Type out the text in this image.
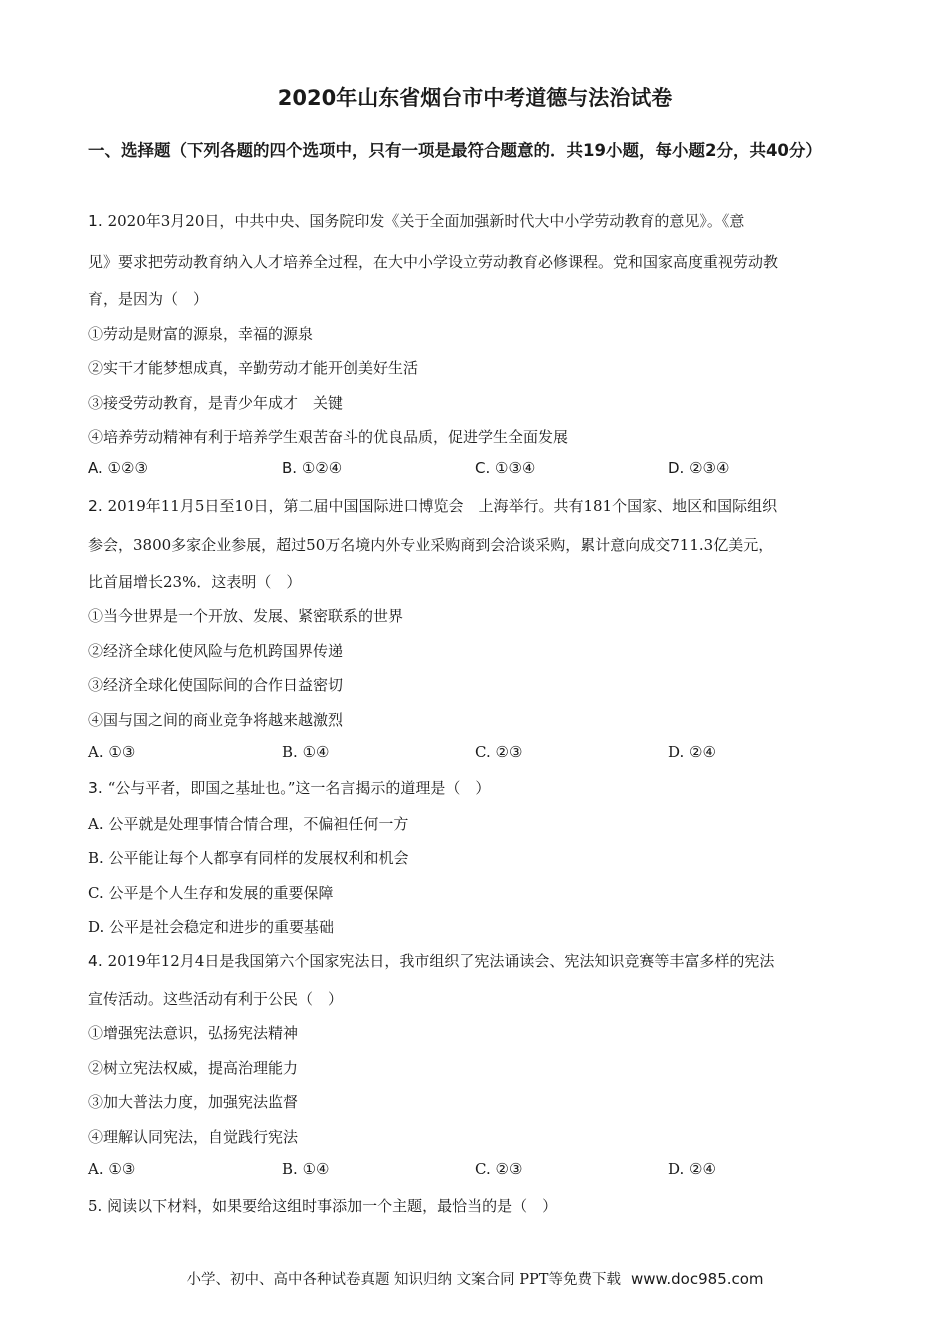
2020年山东省烟台市中考道德与法治试卷
一、选择题（下列各题的四个选项中，只有一项是最符合题意的．共19小题，每小题2分，共40分）
1. 2020年3月20日，中共中央、国务院印发《关于全面加强新时代大中小学劳动教育的意见》。《意
见》要求把劳动教育纳入人才培养全过程，在大中小学设立劳动教育必修课程。党和国家高度重视劳动教
育，是因为（　）
①劳动是财富的源泉，幸福的源泉
②实干才能梦想成真，辛勤劳动才能开创美好生活
③接受劳动教育，是青少年成才　关键
④培养劳动精神有利于培养学生艰苦奋斗的优良品质，促进学生全面发展
A. ①②③	B. ①②④	C. ①③④	D. ②③④
2. 2019年11月5日至10日，第二届中国国际进口博览会　上海举行。共有181个国家、地区和国际组织
参会，3800多家企业参展，超过50万名境内外专业采购商到会洽谈采购，累计意向成交711.3亿美元，
比首届增长23%．这表明（　）
①当今世界是一个开放、发展、紧密联系的世界
②经济全球化使风险与危机跨国界传递
③经济全球化使国际间的合作日益密切
④国与国之间的商业竞争将越来越激烈
A. ①③	B. ①④	C. ②③	D. ②④
3. “公与平者，即国之基址也。”这一名言揭示的道理是（　）
A. 公平就是处理事情合情合理，不偏袒任何一方
B. 公平能让每个人都享有同样的发展权利和机会
C. 公平是个人生存和发展的重要保障
D. 公平是社会稳定和进步的重要基础
4. 2019年12月4日是我国第六个国家宪法日，我市组织了宪法诵读会、宪法知识竞赛等丰富多样的宪法
宣传活动。这些活动有利于公民（　）
①增强宪法意识，弘扬宪法精神
②树立宪法权威，提高治理能力
③加大普法力度，加强宪法监督
④理解认同宪法，自觉践行宪法
A. ①③	B. ①④	C. ②③	D. ②④
5. 阅读以下材料，如果要给这组时事添加一个主题，最恰当的是（　）
小学、初中、高中各种试卷真题 知识归纳 文案合同 PPT等免费下载 www.doc985.com
